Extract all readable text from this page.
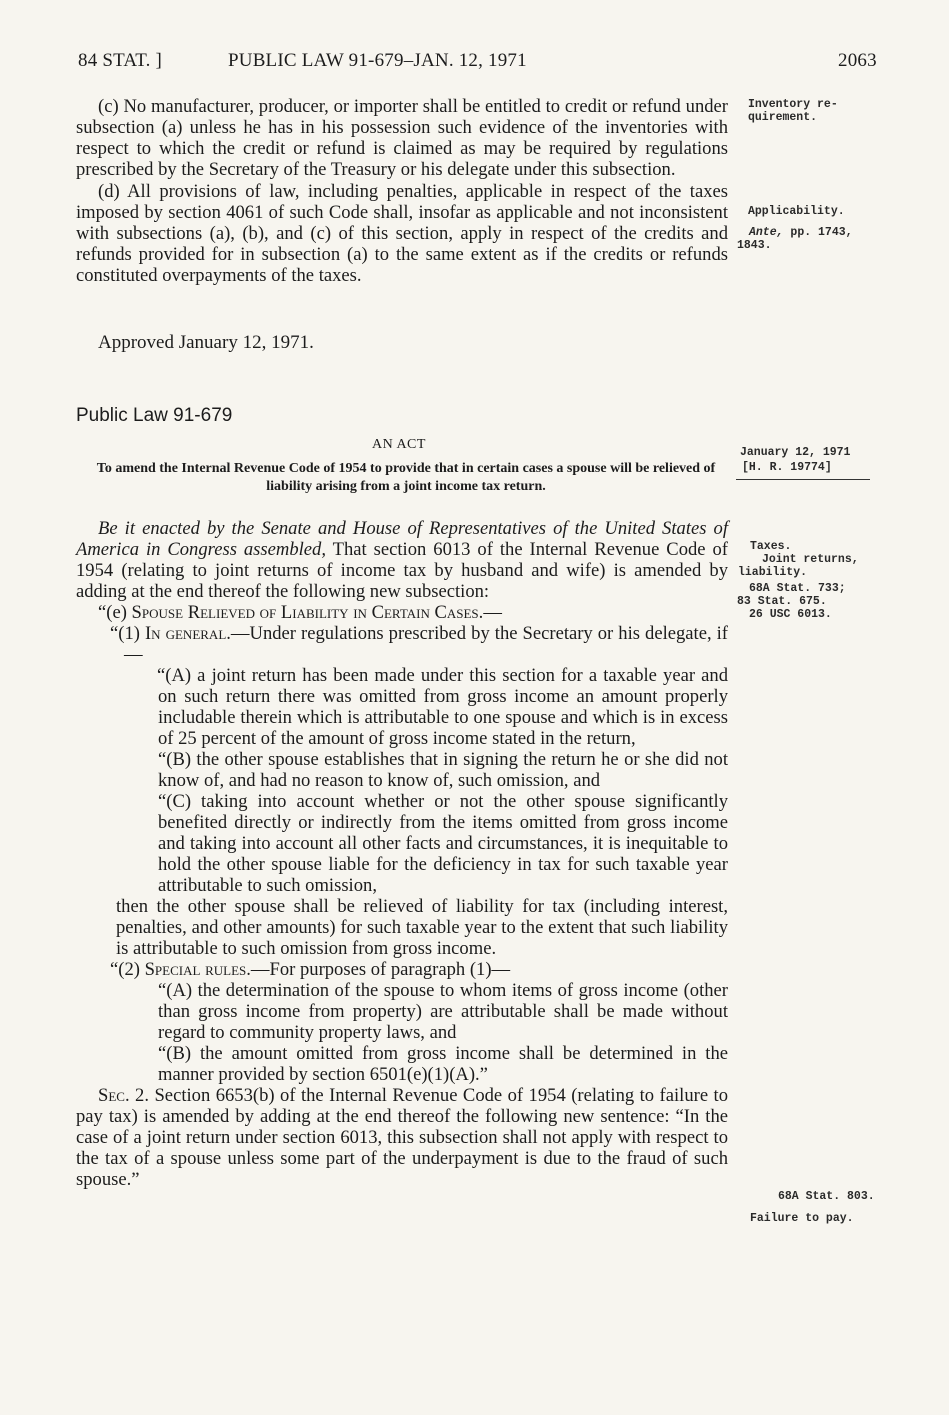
84 STAT. ]	PUBLIC LAW 91-679–JAN. 12, 1971	2063

(c) No manufacturer, producer, or importer shall be entitled to credit or refund under subsection (a) unless he has in his possession such evidence of the inventories with respect to which the credit or refund is claimed as may be required by regulations prescribed by the Secretary of the Treasury or his delegate under this subsection.

(d) All provisions of law, including penalties, applicable in respect of the taxes imposed by section 4061 of such Code shall, insofar as applicable and not inconsistent with subsections (a), (b), and (c) of this section, apply in respect of the credits and refunds provided for in subsection (a) to the same extent as if the credits or refunds constituted overpayments of the taxes.

Approved January 12, 1971.
Public Law 91-679
AN ACT
To amend the Internal Revenue Code of 1954 to provide that in certain cases a spouse will be relieved of liability arising from a joint income tax return.

Be it enacted by the Senate and House of Representatives of the United States of America in Congress assembled, That section 6013 of the Internal Revenue Code of 1954 (relating to joint returns of income tax by husband and wife) is amended by adding at the end thereof the following new subsection:

“(e) Spouse Relieved of Liability in Certain Cases.—

“(1) In general.—Under regulations prescribed by the Secretary or his delegate, if—

“(A) a joint return has been made under this section for a taxable year and on such return there was omitted from gross income an amount properly includable therein which is attributable to one spouse and which is in excess of 25 percent of the amount of gross income stated in the return,

“(B) the other spouse establishes that in signing the return he or she did not know of, and had no reason to know of, such omission, and

“(C) taking into account whether or not the other spouse significantly benefited directly or indirectly from the items omitted from gross income and taking into account all other facts and circumstances, it is inequitable to hold the other spouse liable for the deficiency in tax for such taxable year attributable to such omission,

then the other spouse shall be relieved of liability for tax (including interest, penalties, and other amounts) for such taxable year to the extent that such liability is attributable to such omission from gross income.

“(2) Special rules.—For purposes of paragraph (1)—

“(A) the determination of the spouse to whom items of gross income (other than gross income from property) are attributable shall be made without regard to community property laws, and

“(B) the amount omitted from gross income shall be determined in the manner provided by section 6501(e)(1)(A).”

Sec. 2. Section 6653(b) of the Internal Revenue Code of 1954 (relating to failure to pay tax) is amended by adding at the end thereof the following new sentence: “In the case of a joint return under section 6013, this subsection shall not apply with respect to the tax of a spouse unless some part of the underpayment is due to the fraud of such spouse.”

Inventory re-
quirement.
Applicability.
Ante, pp. 1743,
1843.
January 12, 1971
[H. R. 19774]
Taxes.
Joint returns,
liability.
68A Stat. 733;
83 Stat. 675.
26 USC 6013.
68A Stat. 803.
Failure to pay.
